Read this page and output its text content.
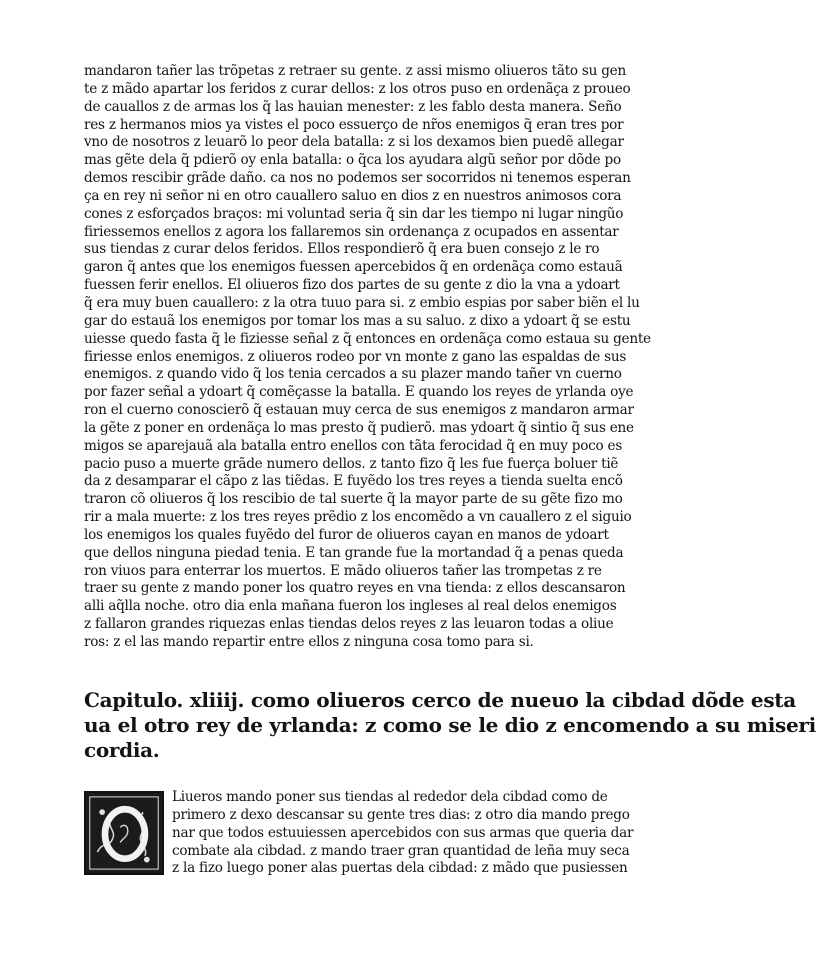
mandaron tañer las trõpetas z retraer su gente. z assi mismo oliueros tãto su gen
te z mãdo apartar los feridos z curar dellos: z los otros puso en ordenãça z proueo
de cauallos z de armas los q̃ las hauian menester: z les fablo desta manera. Seño
res z hermanos mios ya vistes el poco essuerço de nr̃os enemigos q̃ eran tres por
vno de nosotros z leuarõ lo peor dela batalla: z si los dexamos bien puedẽ allegar
mas gẽte dela q̃ pdierõ oy enla batalla: o q̃ca los ayudara algũ señor por dõde po
demos rescibir grãde daño. ca nos no podemos ser socorridos ni tenemos esperan
ça en rey ni señor ni en otro cauallero saluo en dios z en nuestros animosos cora
cones z esforçados braços: mi voluntad seria q̃ sin dar les tiempo ni lugar ningũo
firiessemos enellos z agora los fallaremos sin ordenança z ocupados en assentar
sus tiendas z curar delos feridos. Ellos respondierõ q̃ era buen consejo z le ro
garon q̃ antes que los enemigos fuessen apercebidos q̃ en ordenãça como estauã
fuessen ferir enellos. El oliueros fizo dos partes de su gente z dio la vna a ydoart
q̃ era muy buen cauallero: z la otra tuuo para si. z embio espias por saber biẽn el lu
gar do estauã los enemigos por tomar los mas a su saluo. z dixo a ydoart q̃ se estu
uiesse quedo fasta q̃ le fiziesse señal z q̃ entonces en ordenãça como estaua su gente
firiesse enlos enemigos. z oliueros rodeo por vn monte z gano las espaldas de sus
enemigos. z quando vido q̃ los tenia cercados a su plazer mando tañer vn cuerno
por fazer señal a ydoart q̃ comẽçasse la batalla. E quando los reyes de yrlanda oye
ron el cuerno conoscierõ q̃ estauan muy cerca de sus enemigos z mandaron armar
la gẽte z poner en ordenãça lo mas presto q̃ pudierõ. mas ydoart q̃ sintio q̃ sus ene
migos se aparejauã ala batalla entro enellos con tãta ferocidad q̃ en muy poco es
pacio puso a muerte grãde numero dellos. z tanto fizo q̃ les fue fuerça boluer tiẽ
da z desamparar el cãpo z las tiẽdas. E fuyẽdo los tres reyes a tienda suelta encõ
traron cõ oliueros q̃ los rescibio de tal suerte q̃ la mayor parte de su gẽte fizo mo
rir a mala muerte: z los tres reyes prẽdio z los encomẽdo a vn cauallero z el siguio
los enemigos los quales fuyẽdo del furor de oliueros cayan en manos de ydoart
que dellos ninguna piedad tenia. E tan grande fue la mortandad q̃ a penas queda
ron viuos para enterrar los muertos. E mãdo oliueros tañer las trompetas z re
traer su gente z mando poner los quatro reyes en vna tienda: z ellos descansaron
alli aq̃lla noche. otro dia enla mañana fueron los ingleses al real delos enemigos
z fallaron grandes riquezas enlas tiendas delos reyes z las leuaron todas a oliue
ros: z el las mando repartir entre ellos z ninguna cosa tomo para si.
Capitulo. xliiij. como oliueros cerco de nueuo la cibdad dõde esta
ua el otro rey de yrlanda: z como se le dio z encomendo a su miseri
cordia.
Liueros mando poner sus tiendas al rededor dela cibdad como de
primero z dexo descansar su gente tres dias: z otro dia mando prego
nar que todos estuuiessen apercebidos con sus armas que queria dar
combate ala cibdad. z mando traer gran quantidad de leña muy seca
z la fizo luego poner alas puertas dela cibdad: z mãdo que pusiessen
